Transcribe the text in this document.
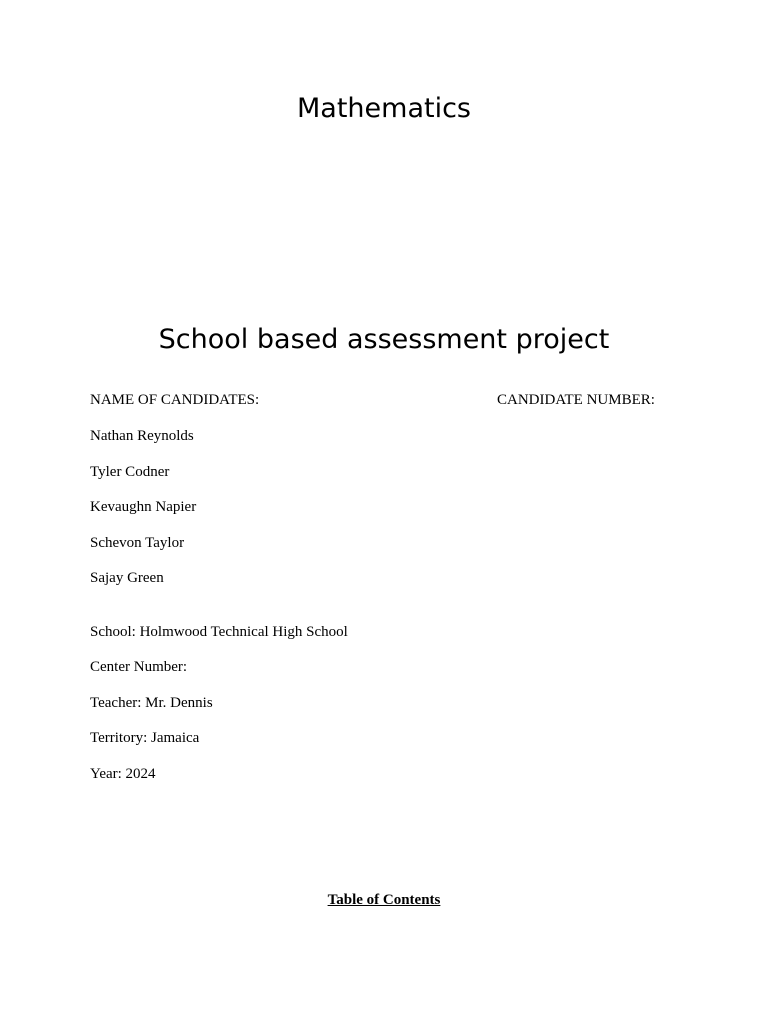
Mathematics
School based assessment project
NAME OF CANDIDATES:	CANDIDATE NUMBER:
Nathan Reynolds
Tyler Codner
Kevaughn Napier
Schevon Taylor
Sajay Green
School: Holmwood Technical High School
Center Number:
Teacher: Mr. Dennis
Territory: Jamaica
Year: 2024
Table of Contents
